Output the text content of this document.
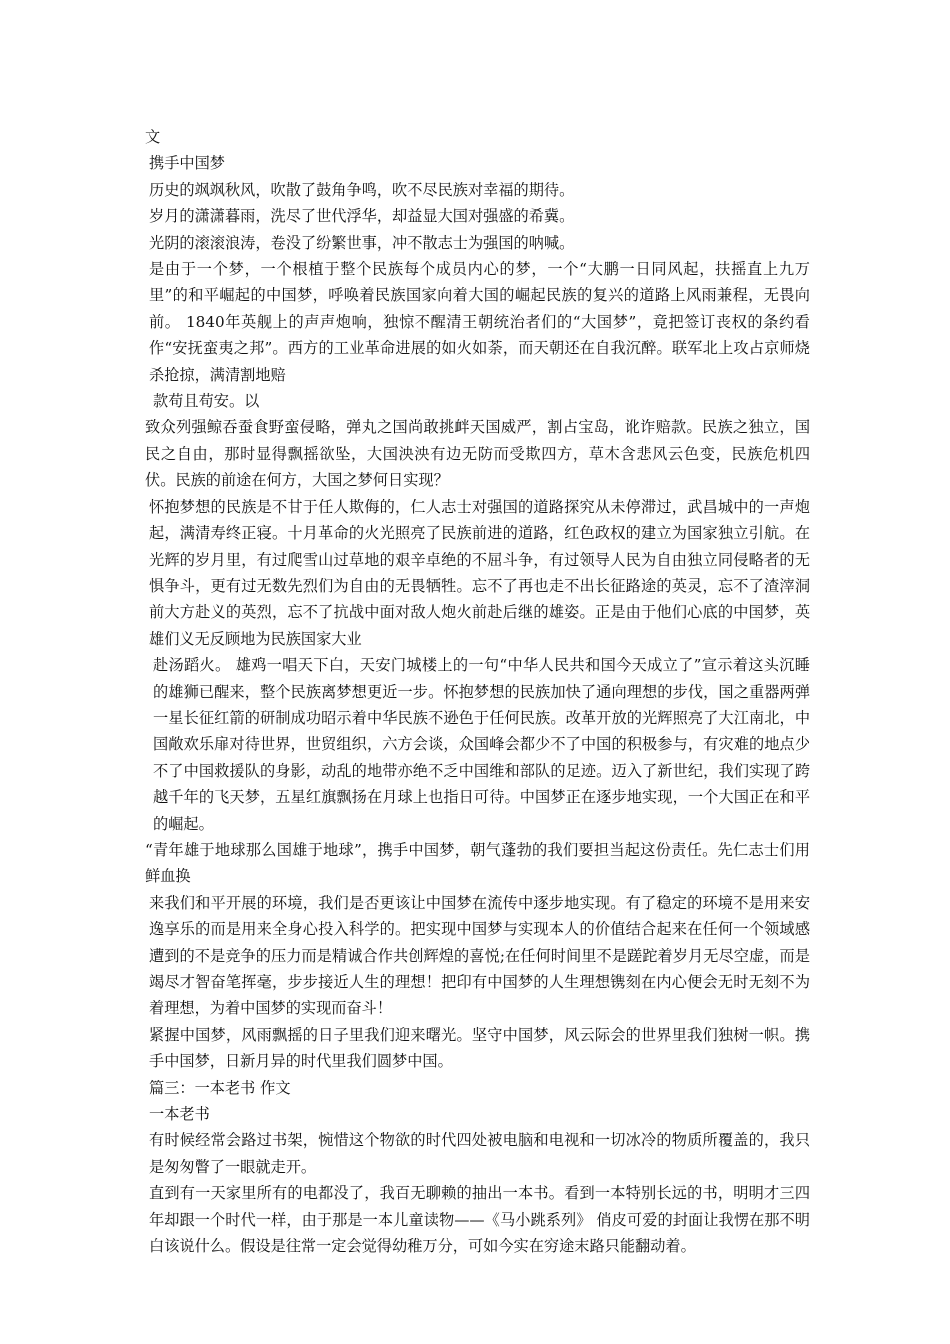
文
携手中国梦
历史的飒飒秋风，吹散了鼓角争鸣，吹不尽民族对幸福的期待。
岁月的潇潇暮雨，洗尽了世代浮华，却益显大国对强盛的希冀。
光阴的滚滚浪涛，卷没了纷繁世事，冲不散志士为强国的呐喊。
是由于一个梦，一个根植于整个民族每个成员内心的梦，一个“大鹏一日同风起，扶摇直上九万里”的和平崛起的中国梦，呼唤着民族国家向着大国的崛起民族的复兴的道路上风雨兼程，无畏向前。 1840年英舰上的声声炮响，独惊不醒清王朝统治者们的“大国梦”，竟把签订丧权的条约看作“安抚蛮夷之邦”。西方的工业革命进展的如火如荼，而天朝还在自我沉醉。联军北上攻占京师烧杀抢掠，满清割地赔
款苟且苟安。以
致众列强鲸吞蚕食野蛮侵略，弹丸之国尚敢挑衅天国威严，割占宝岛，讹诈赔款。民族之独立，国民之自由，那时显得飘摇欲坠，大国泱泱有边无防而受欺四方，草木含悲风云色变，民族危机四伏。民族的前途在何方，大国之梦何日实现？
怀抱梦想的民族是不甘于任人欺侮的，仁人志士对强国的道路探究从未停滞过，武昌城中的一声炮起，满清寿终正寝。十月革命的火光照亮了民族前进的道路，红色政权的建立为国家独立引航。在光辉的岁月里，有过爬雪山过草地的艰辛卓绝的不屈斗争，有过领导人民为自由独立同侵略者的无惧争斗，更有过无数先烈们为自由的无畏牺牲。忘不了再也走不出长征路途的英灵，忘不了渣滓洞前大方赴义的英烈，忘不了抗战中面对敌人炮火前赴后继的雄姿。正是由于他们心底的中国梦，英雄们义无反顾地为民族国家大业
赴汤蹈火。 雄鸡一唱天下白，天安门城楼上的一句“中华人民共和国今天成立了”宣示着这头沉睡的雄狮已醒来，整个民族离梦想更近一步。怀抱梦想的民族加快了通向理想的步伐，国之重器两弹一星长征红箭的研制成功昭示着中华民族不逊色于任何民族。改革开放的光辉照亮了大江南北，中国敞欢乐扉对待世界，世贸组织，六方会谈，众国峰会都少不了中国的积极参与，有灾难的地点少不了中国救援队的身影，动乱的地带亦绝不乏中国维和部队的足迹。迈入了新世纪，我们实现了跨越千年的飞天梦，五星红旗飘扬在月球上也指日可待。中国梦正在逐步地实现，一个大国正在和平的崛起。
“青年雄于地球那么国雄于地球”，携手中国梦，朝气蓬勃的我们要担当起这份责任。先仁志士们用鲜血换
来我们和平开展的环境，我们是否更该让中国梦在流传中逐步地实现。有了稳定的环境不是用来安逸享乐的而是用来全身心投入科学的。把实现中国梦与实现本人的价值结合起来在任何一个领域感遭到的不是竞争的压力而是精诚合作共创辉煌的喜悦;在任何时间里不是蹉跎着岁月无尽空虚，而是竭尽才智奋笔挥毫，步步接近人生的理想！把印有中国梦的人生理想镌刻在内心便会无时无刻不为着理想，为着中国梦的实现而奋斗！
紧握中国梦，风雨飘摇的日子里我们迎来曙光。坚守中国梦，风云际会的世界里我们独树一帜。携手中国梦，日新月异的时代里我们圆梦中国。
篇三：一本老书 作文
一本老书
有时候经常会路过书架，惋惜这个物欲的时代四处被电脑和电视和一切冰冷的物质所覆盖的，我只是匆匆瞥了一眼就走开。
直到有一天家里所有的电都没了，我百无聊赖的抽出一本书。看到一本特别长远的书，明明才三四年却跟一个时代一样，由于那是一本儿童读物——《马小跳系列》 俏皮可爱的封面让我愣在那不明白该说什么。假设是往常一定会觉得幼稚万分，可如今实在穷途末路只能翻动着。
